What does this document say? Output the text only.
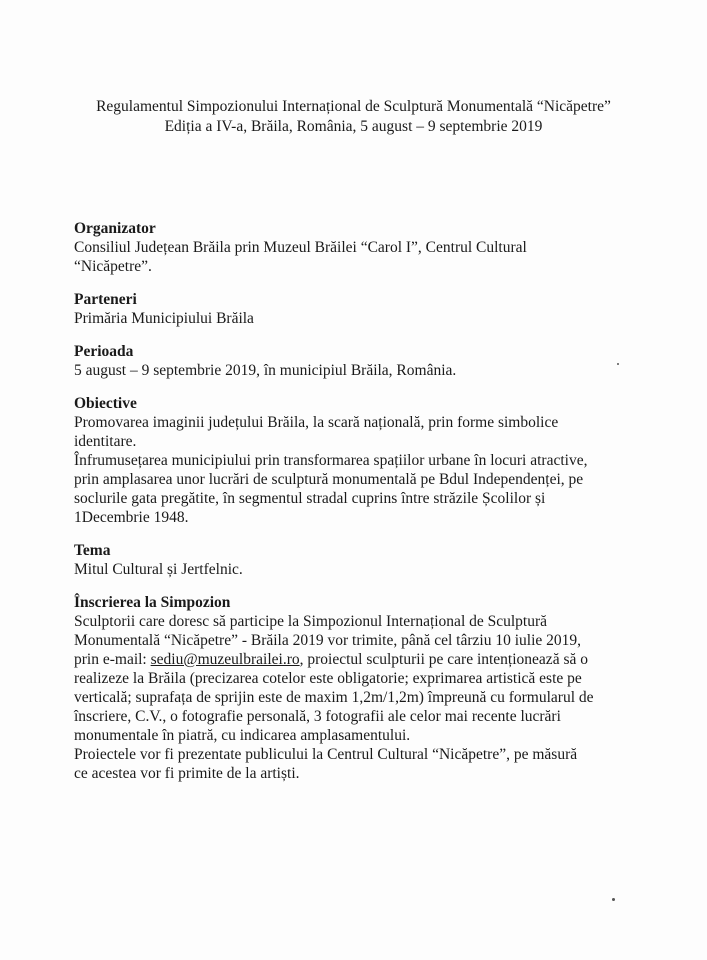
Regulamentul Simpozionului Internațional de Sculptură Monumentală “Nicăpetre”
Ediția a IV-a, Brăila, România, 5 august – 9 septembrie 2019
Organizator

Consiliul Județean Brăila prin Muzeul Brăilei “Carol I”, Centrul Cultural

“Nicăpetre”.

Parteneri

Primăria Municipiului Brăila

Perioada

5 august – 9 septembrie 2019, în municipiul Brăila, România.

Obiective

Promovarea imaginii județului Brăila, la scară națională, prin forme simbolice

identitare.

Înfrumusețarea municipiului prin transformarea spațiilor urbane în locuri atractive,

prin amplasarea unor lucrări de sculptură monumentală pe Bdul Independenței, pe

soclurile gata pregătite, în segmentul stradal cuprins între străzile Școlilor și

1Decembrie 1948.

Tema

Mitul Cultural și Jertfelnic.

Înscrierea la Simpozion

Sculptorii care doresc să participe la Simpozionul Internațional de Sculptură

Monumentală “Nicăpetre” - Brăila 2019 vor trimite, până cel târziu 10 iulie 2019,

prin e-mail: sediu@muzeulbrailei.ro, proiectul sculpturii pe care intenționează să o

realizeze la Brăila (precizarea cotelor este obligatorie; exprimarea artistică este pe

verticală; suprafața de sprijin este de maxim 1,2m/1,2m) împreună cu formularul de

înscriere, C.V., o fotografie personală, 3 fotografii ale celor mai recente lucrări

monumentale în piatră, cu indicarea amplasamentului.

Proiectele vor fi prezentate publicului la Centrul Cultural “Nicăpetre”, pe măsură

ce acestea vor fi primite de la artiști.
